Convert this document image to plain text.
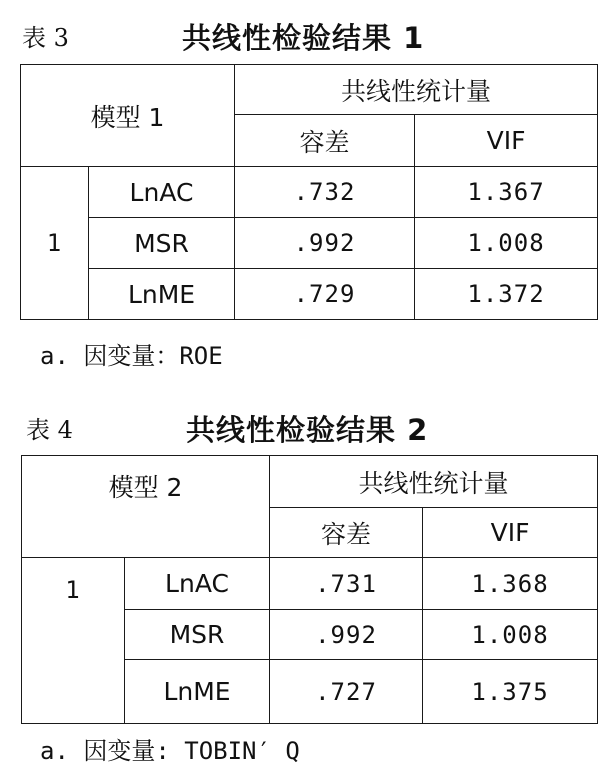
表 3	共线性检验结果 1
模型 1		共线性统计量	
		容差	VIF
1	LnAC	.732	1.367
	MSR	.992	1.008
	LnME	.729	1.372
a. 因变量：ROE
表 4	共线性检验结果 2
模型 2		共线性统计量	
		容差	VIF
1	LnAC	.731	1.368
	MSR	.992	1.008
	LnME	.727	1.375
a. 因变量: TOBIN′ Q
